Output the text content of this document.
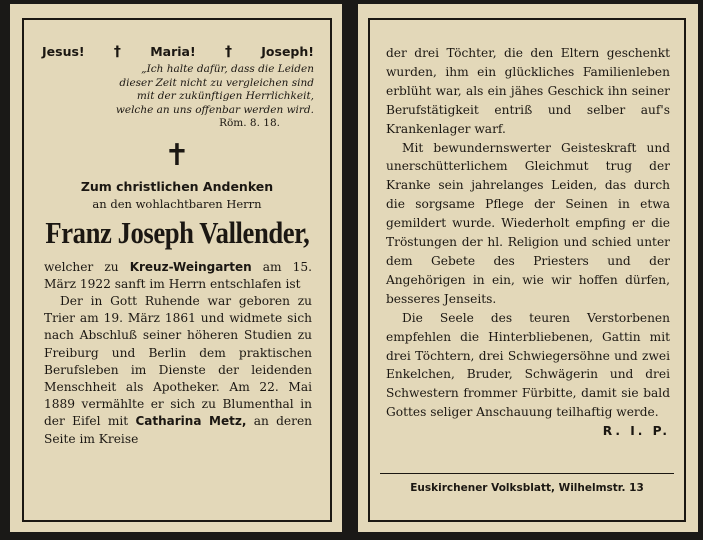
Jesus! † Maria! † Joseph!
„Ich halte dafür, dass die Leiden
dieser Zeit nicht zu vergleichen sind
mit der zukünftigen Herrlichkeit,
welche an uns offenbar werden wird.
Röm. 8. 18.
✝
Zum christlichen Andenken
an den wohlachtbaren Herrn
Franz Joseph Vallender,

welcher zu Kreuz-Weingarten am 15. März 1922 sanft im Herrn entschlafen ist

Der in Gott Ruhende war geboren zu Trier am 19. März 1861 und widmete sich nach Abschluß seiner höheren Studien zu Freiburg und Berlin dem praktischen Berufsleben im Dienste der leidenden Menschheit als Apotheker. Am 22. Mai 1889 vermählte er sich zu Blumenthal in der Eifel mit Catharina Metz, an deren Seite im Kreise

der drei Töchter, die den Eltern geschenkt wurden, ihm ein glückliches Familienleben erblüht war, als ein jähes Geschick ihn seiner Berufstätigkeit entriß und selber auf's Krankenlager warf.

Mit bewundernswerter Geisteskraft und unerschütterlichem Gleichmut trug der Kranke sein jahrelanges Leiden, das durch die sorgsame Pflege der Seinen in etwa gemildert wurde. Wiederholt empfing er die Tröstungen der hl. Religion und schied unter dem Gebete des Priesters und der Angehörigen in ein, wie wir hoffen dürfen, besseres Jenseits.

Die Seele des teuren Verstorbenen empfehlen die Hinterbliebenen, Gattin mit drei Töchtern, drei Schwiegersöhne und zwei Enkelchen, Bruder, Schwägerin und drei Schwestern frommer Fürbitte, damit sie bald Gottes seliger Anschauung teilhaftig werde.
R. I. P.

Euskirchener Volksblatt, Wilhelmstr. 13
